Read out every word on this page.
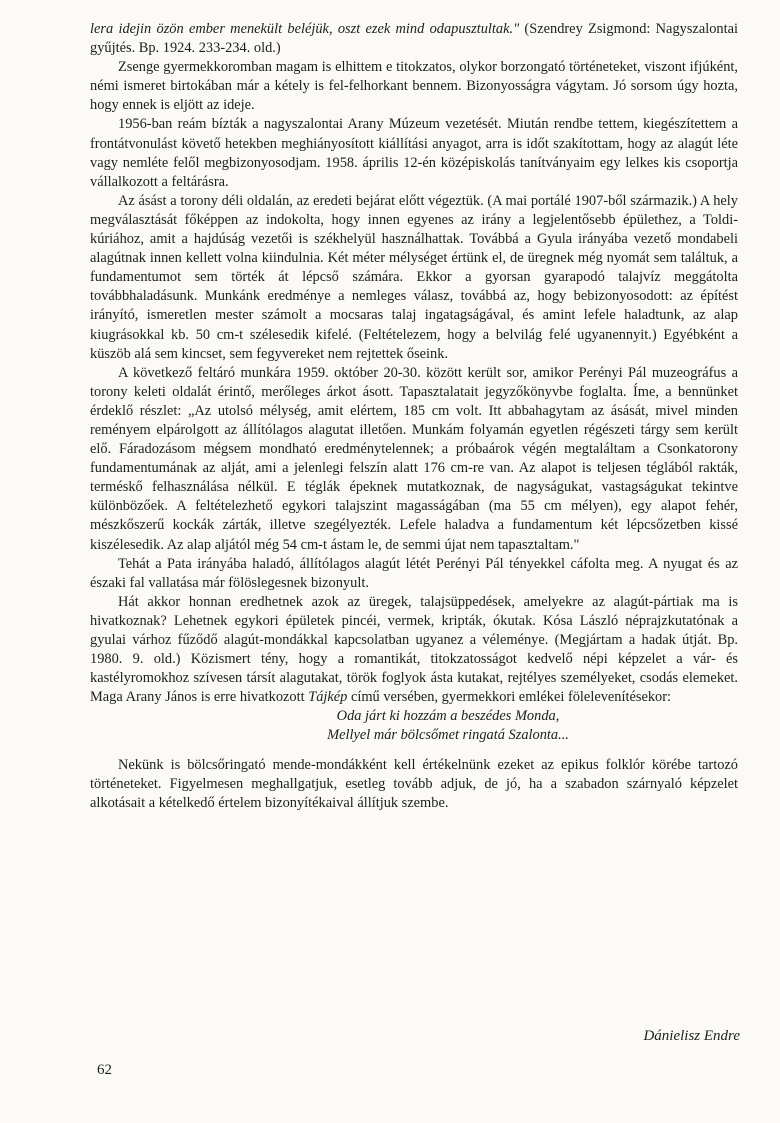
lera idejin özön ember menekült beléjük, oszt ezek mind odapusztultak." (Szendrey Zsigmond: Nagyszalontai gyűjtés. Bp. 1924. 233-234. old.)

Zsenge gyermekkoromban magam is elhittem e titokzatos, olykor borzongató történeteket, viszont ifjúként, némi ismeret birtokában már a kétely is fel-felhorkant bennem. Bizonyosságra vágytam. Jó sorsom úgy hozta, hogy ennek is eljött az ideje.

1956-ban reám bízták a nagyszalontai Arany Múzeum vezetését. Miután rendbe tettem, kiegészítettem a frontátvonulást követő hetekben meghiányosított kiállítási anyagot, arra is időt szakítottam, hogy az alagút léte vagy nemléte felől megbizonyosodjam. 1958. április 12-én középiskolás tanítványaim egy lelkes kis csoportja vállalkozott a feltárásra.

Az ásást a torony déli oldalán, az eredeti bejárat előtt végeztük. (A mai portálé 1907-ből származik.) A hely megválasztását főképpen az indokolta, hogy innen egyenes az irány a legjelentősebb épülethez, a Toldi-kúriához, amit a hajdúság vezetői is székhelyül használhattak. Továbbá a Gyula irányába vezető mondabeli alagútnak innen kellett volna kiindulnia. Két méter mélységet értünk el, de üregnek még nyomát sem találtuk, a fundamentumot sem törték át lépcső számára. Ekkor a gyorsan gyarapodó talajvíz meggátolta továbbhaladásunk. Munkánk eredménye a nemleges válasz, továbbá az, hogy bebizonyosodott: az építést irányító, ismeretlen mester számolt a mocsaras talaj ingatagságával, és amint lefele haladtunk, az alap kiugrásokkal kb. 50 cm-t szélesedik kifelé. (Feltételezem, hogy a belvilág felé ugyanennyit.) Egyébként a küszöb alá sem kincset, sem fegyvereket nem rejtettek őseink.

A következő feltáró munkára 1959. október 20-30. között került sor, amikor Perényi Pál muzeográfus a torony keleti oldalát érintő, merőleges árkot ásott. Tapasztalatait jegyzőkönyvbe foglalta. Íme, a bennünket érdeklő részlet: „Az utolsó mélység, amit elértem, 185 cm volt. Itt abbahagytam az ásását, mivel minden reményem elpárolgott az állítólagos alagutat illetően. Munkám folyamán egyetlen régészeti tárgy sem került elő. Fáradozásom mégsem mondható eredménytelennek; a próbaárok végén megtaláltam a Csonkatorony fundamentumának az alját, ami a jelenlegi felszín alatt 176 cm-re van. Az alapot is teljesen téglából rakták, terméskő felhasználása nélkül. E téglák épeknek mutatkoznak, de nagyságukat, vastagságukat tekintve különbözőek. A feltételezhető egykori talajszint magasságában (ma 55 cm mélyen), egy alapot fehér, mészkőszerű kockák zárták, illetve szegélyezték. Lefele haladva a fundamentum két lépcsőzetben kissé kiszélesedik. Az alap aljától még 54 cm-t ástam le, de semmi újat nem tapasztaltam."

Tehát a Pata irányába haladó, állítólagos alagút létét Perényi Pál tényekkel cáfolta meg. A nyugat és az északi fal vallatása már fölöslegesnek bizonyult.

Hát akkor honnan eredhetnek azok az üregek, talajsüppedések, amelyekre az alagút-pártiak ma is hivatkoznak? Lehetnek egykori épületek pincéi, vermek, kripták, ókutak. Kósa László néprajzkutatónak a gyulai várhoz fűződő alagút-mondákkal kapcsolatban ugyanez a véleménye. (Megjártam a hadak útját. Bp. 1980. 9. old.) Közismert tény, hogy a romantikát, titokzatosságot kedvelő népi képzelet a vár- és kastélyromokhoz szívesen társít alagutakat, török foglyok ásta kutakat, rejtélyes személyeket, csodás elemeket. Maga Arany János is erre hivatkozott Tájkép című versében, gyermekkori emlékei fölelevenítésekor:

Oda járt ki hozzám a beszédes Monda,

Mellyel már bölcsőmet ringatá Szalonta...

Nekünk is bölcsőringató mende-mondákként kell értékelnünk ezeket az epikus folklór körébe tartozó történeteket. Figyelmesen meghallgatjuk, esetleg tovább adjuk, de jó, ha a szabadon szárnyaló képzelet alkotásait a kételkedő értelem bizonyítékaival állítjuk szembe.

Dánielisz Endre
62
